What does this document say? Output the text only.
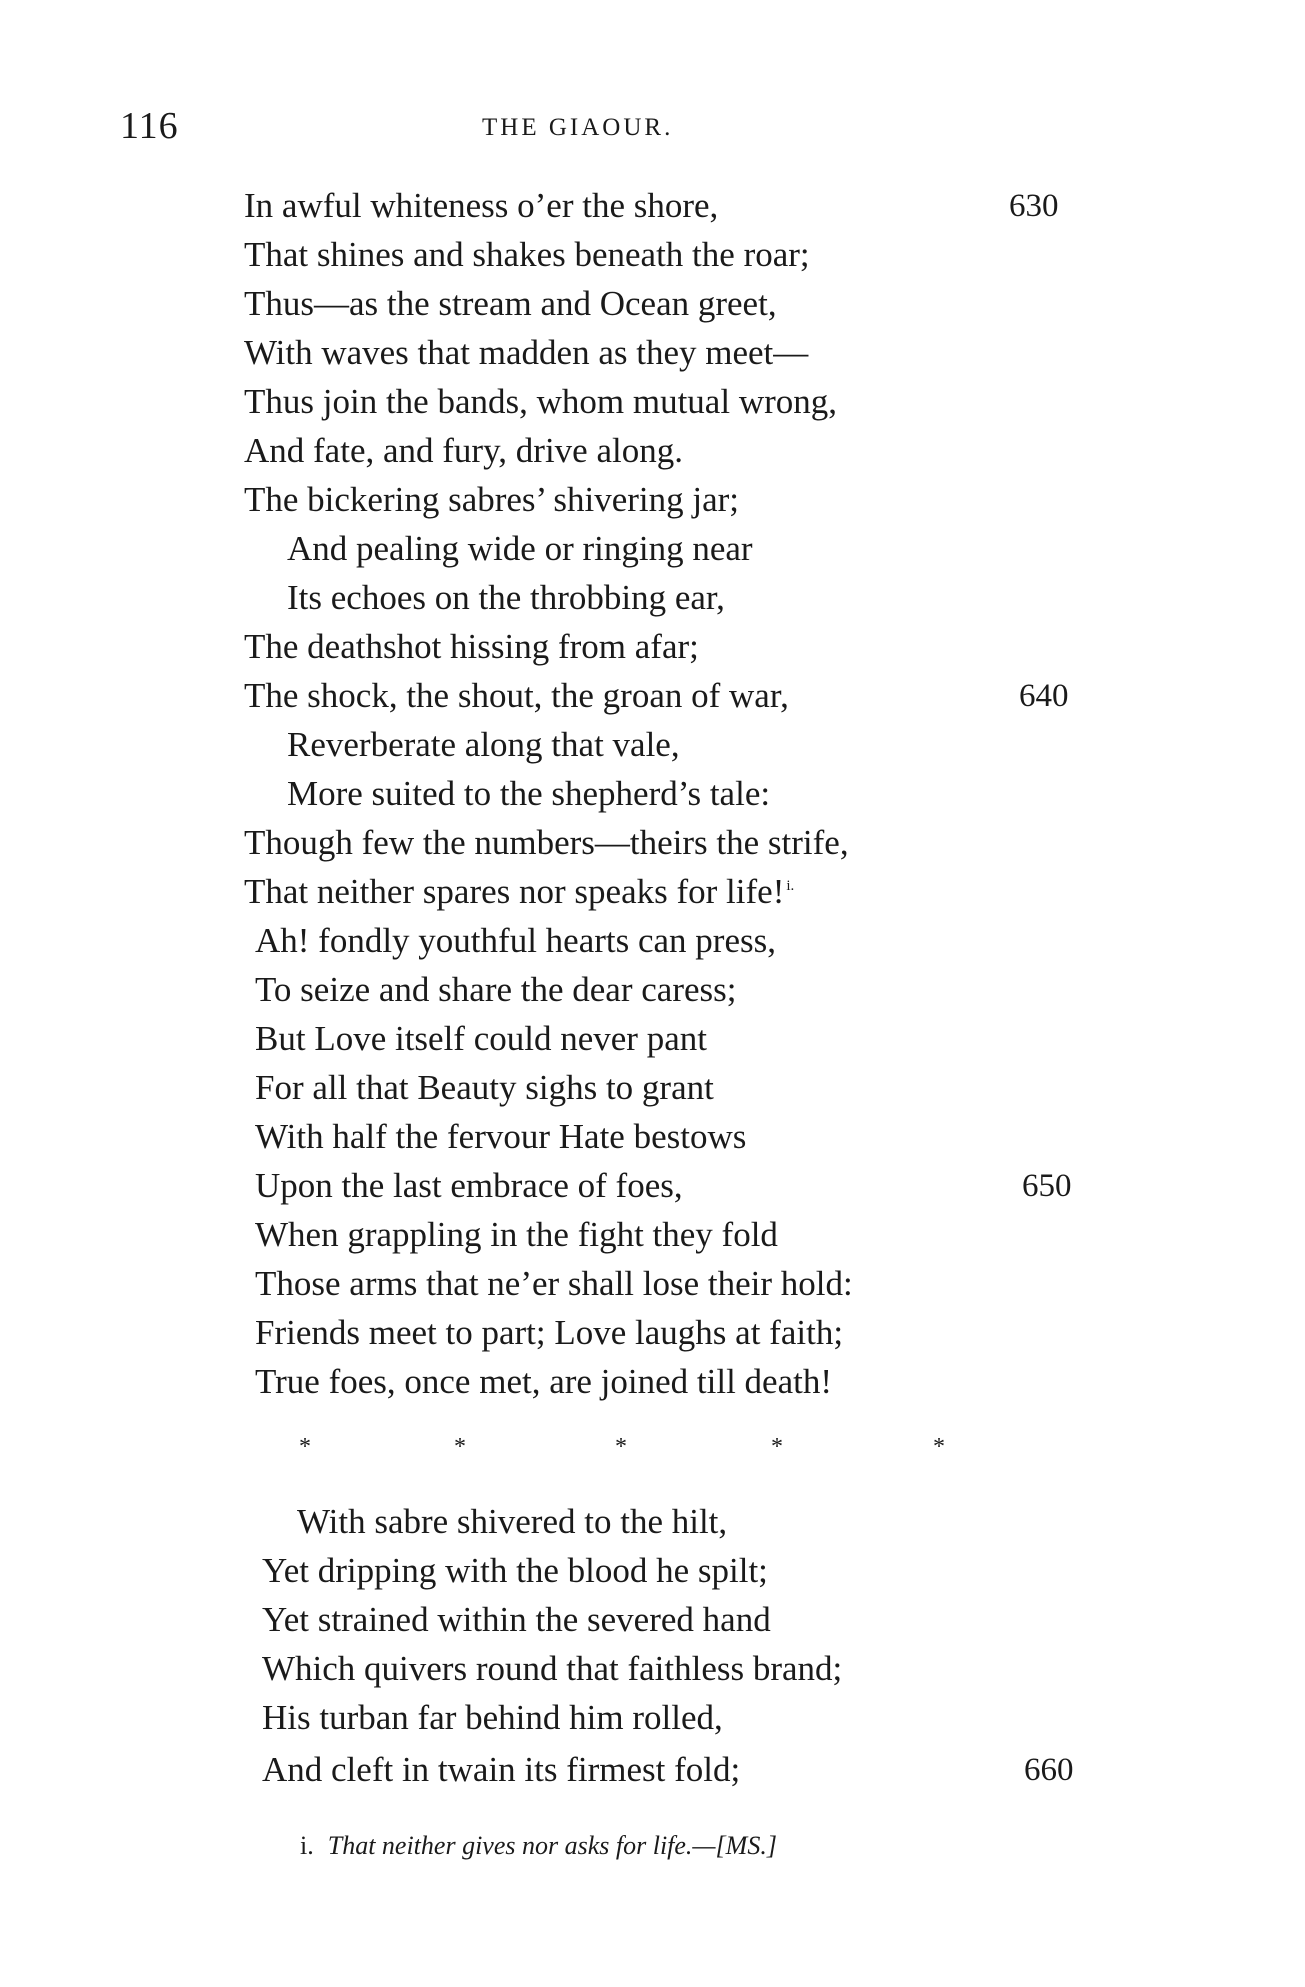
116	THE GIAOUR.
In awful whiteness o’er the shore,
That shines and shakes beneath the roar;
Thus—as the stream and Ocean greet,
With waves that madden as they meet—
Thus join the bands, whom mutual wrong,
And fate, and fury, drive along.
The bickering sabres’ shivering jar;
And pealing wide or ringing near
Its echoes on the throbbing ear,
The deathshot hissing from afar;
The shock, the shout, the groan of war,
Reverberate along that vale,
More suited to the shepherd’s tale:
Though few the numbers—theirs the strife,
That neither spares nor speaks for life! $^{i.}$
Ah! fondly youthful hearts can press,
To seize and share the dear caress;
But Love itself could never pant
For all that Beauty sighs to grant
With half the fervour Hate bestows
Upon the last embrace of foes,
When grappling in the fight they fold
Those arms that ne’er shall lose their hold:
Friends meet to part; Love laughs at faith;
True foes, once met, are joined till death!
630
640
650
660
*	*	*	*	*
With sabre shivered to the hilt,
Yet dripping with the blood he spilt;
Yet strained within the severed hand
Which quivers round that faithless brand;
His turban far behind him rolled,
And cleft in twain its firmest fold;
i. That neither gives nor asks for life.—[MS.]
